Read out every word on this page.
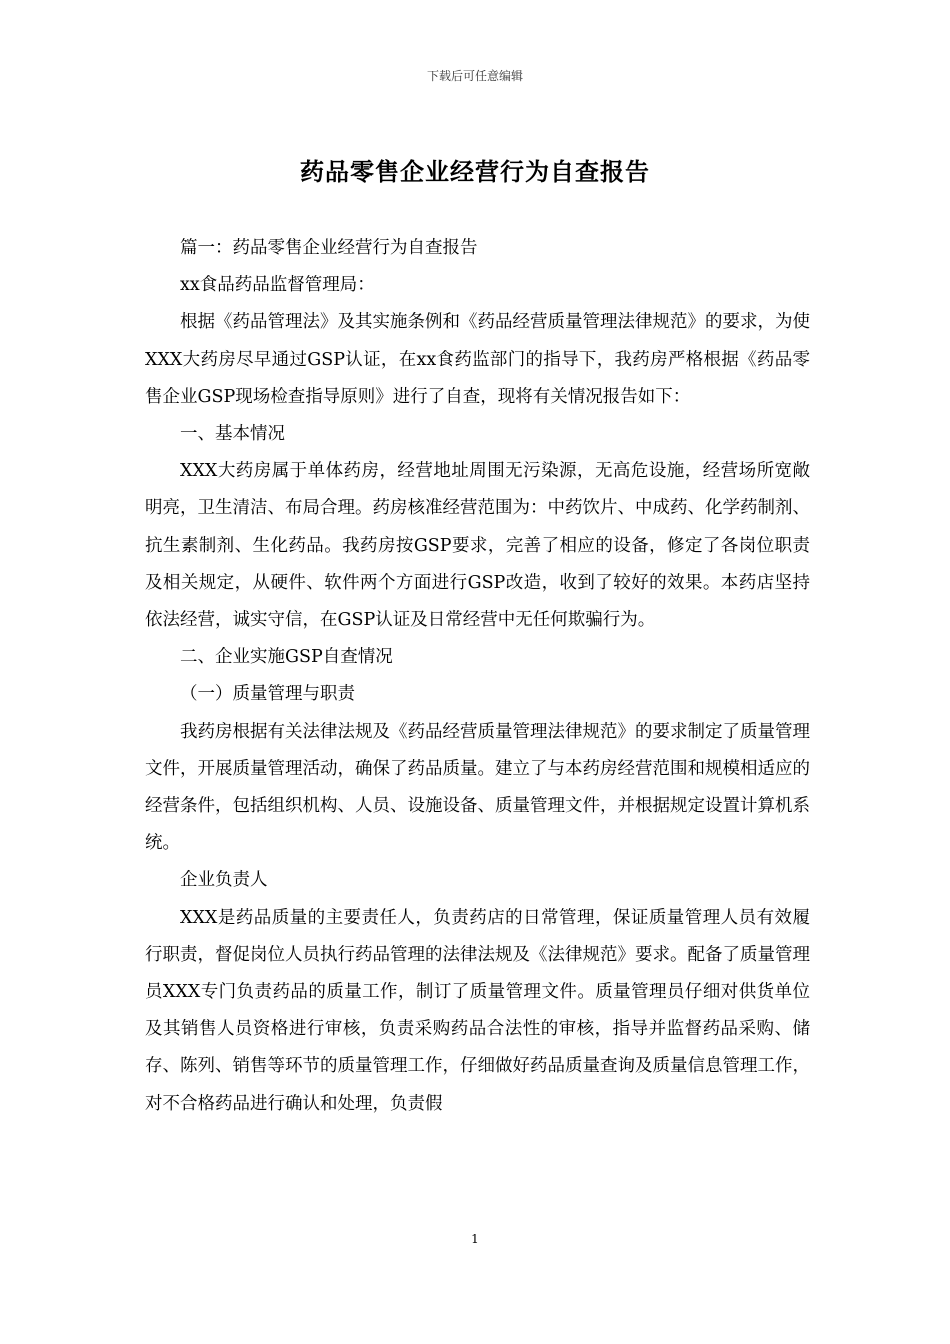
下载后可任意编辑
药品零售企业经营行为自查报告

篇一：药品零售企业经营行为自查报告

xx食品药品监督管理局：

根据《药品管理法》及其实施条例和《药品经营质量管理法律规范》的要求，为使XXX大药房尽早通过GSP认证，在xx食药监部门的指导下，我药房严格根据《药品零售企业GSP现场检查指导原则》进行了自查，现将有关情况报告如下：

一、基本情况

XXX大药房属于单体药房，经营地址周围无污染源，无高危设施，经营场所宽敞明亮，卫生清洁、布局合理。药房核准经营范围为：中药饮片、中成药、化学药制剂、抗生素制剂、生化药品。我药房按GSP要求，完善了相应的设备，修定了各岗位职责及相关规定，从硬件、软件两个方面进行GSP改造，收到了较好的效果。本药店坚持依法经营，诚实守信，在GSP认证及日常经营中无任何欺骗行为。

二、企业实施GSP自查情况

（一）质量管理与职责

我药房根据有关法律法规及《药品经营质量管理法律规范》的要求制定了质量管理文件，开展质量管理活动，确保了药品质量。建立了与本药房经营范围和规模相适应的经营条件，包括组织机构、人员、设施设备、质量管理文件，并根据规定设置计算机系统。

企业负责人

XXX是药品质量的主要责任人，负责药店的日常管理，保证质量管理人员有效履行职责，督促岗位人员执行药品管理的法律法规及《法律规范》要求。配备了质量管理员XXX专门负责药品的质量工作，制订了质量管理文件。质量管理员仔细对供货单位及其销售人员资格进行审核，负责采购药品合法性的审核，指导并监督药品采购、储存、陈列、销售等环节的质量管理工作，仔细做好药品质量查询及质量信息管理工作，对不合格药品进行确认和处理，负责假

1
